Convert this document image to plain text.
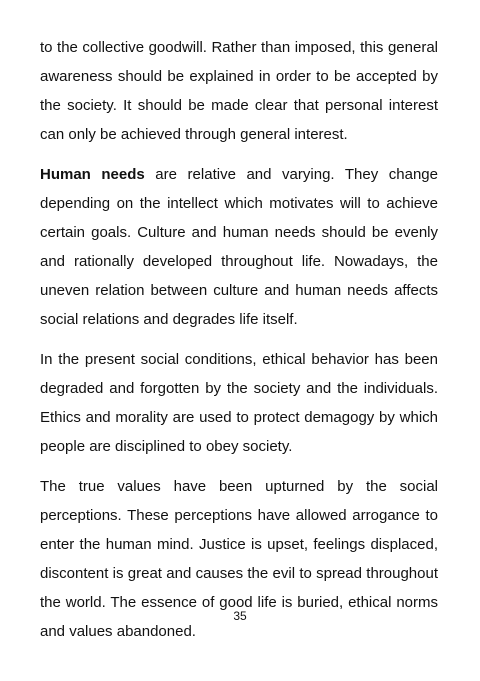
to the collective goodwill. Rather than imposed, this general awareness should be explained in order to be accepted by the society. It should be made clear that personal interest can only be achieved through general interest.

Human needs are relative and varying. They change depending on the intellect which motivates will to achieve certain goals. Culture and human needs should be evenly and rationally developed throughout life. Nowadays, the uneven relation between culture and human needs affects social relations and degrades life itself.

In the present social conditions, ethical behavior has been degraded and forgotten by the society and the individuals. Ethics and morality are used to protect demagogy by which people are disciplined to obey society.

The true values have been upturned by the social perceptions. These perceptions have allowed arrogance to enter the human mind. Justice is upset, feelings displaced, discontent is great and causes the evil to spread throughout the world. The essence of good life is buried, ethical norms and values abandoned.

35
